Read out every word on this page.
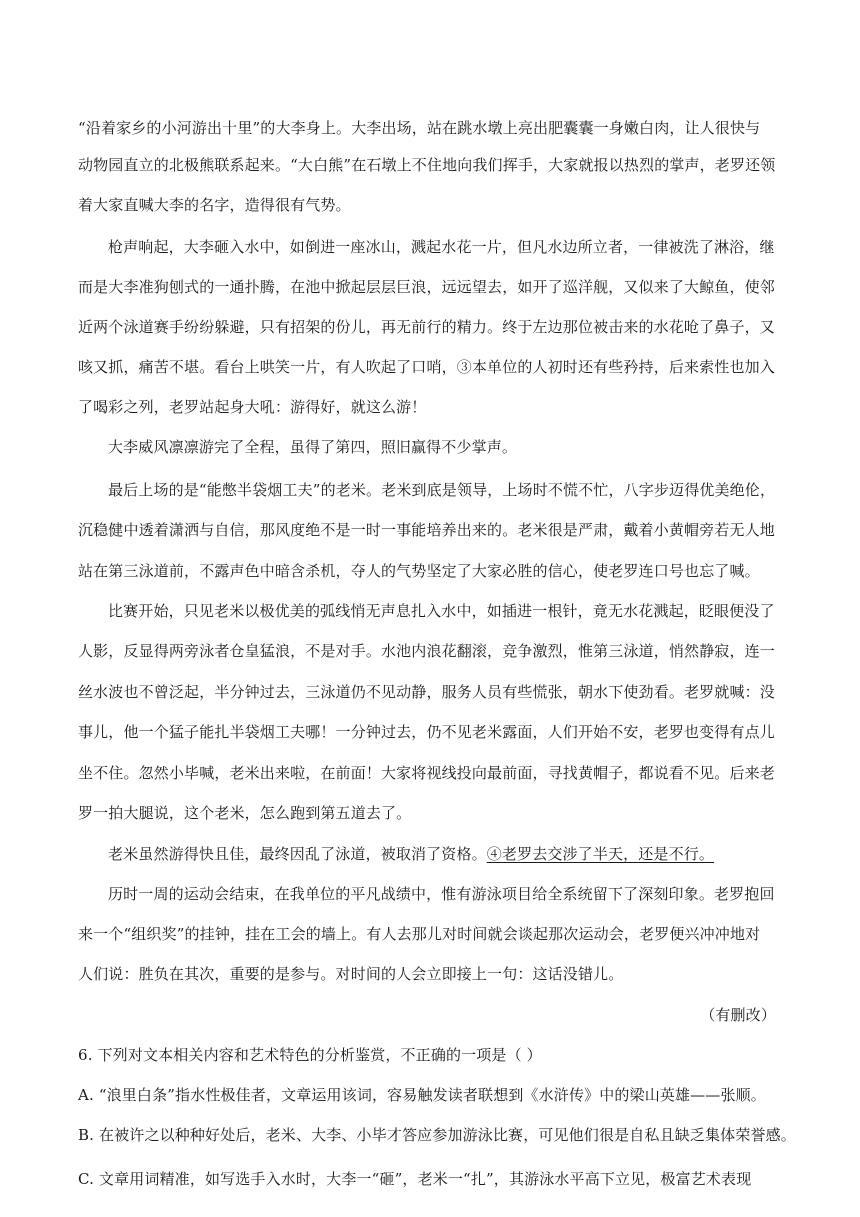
“沿着家乡的小河游出十里”的大李身上。大李出场，站在跳水墩上亮出肥囊囊一身嫩白肉，让人很快与
动物园直立的北极熊联系起来。“大白熊”在石墩上不住地向我们挥手，大家就报以热烈的掌声，老罗还领
着大家直喊大李的名字，造得很有气势。
枪声响起，大李砸入水中，如倒进一座冰山，溅起水花一片，但凡水边所立者，一律被洗了淋浴，继
而是大李准狗刨式的一通扑腾，在池中掀起层层巨浪，远远望去，如开了巡洋舰，又似来了大鲸鱼，使邻
近两个泳道赛手纷纷躲避，只有招架的份儿，再无前行的精力。终于左边那位被击来的水花呛了鼻子，又
咳又抓，痛苦不堪。看台上哄笑一片，有人吹起了口哨，③本单位的人初时还有些矜持，后来索性也加入
了喝彩之列，老罗站起身大吼：游得好，就这么游！
大李威风凛凛游完了全程，虽得了第四，照旧赢得不少掌声。
最后上场的是“能憋半袋烟工夫”的老米。老米到底是领导，上场时不慌不忙，八字步迈得优美绝伦，
沉稳健中透着潇洒与自信，那风度绝不是一时一事能培养出来的。老米很是严肃，戴着小黄帽旁若无人地
站在第三泳道前，不露声色中暗含杀机，夺人的气势坚定了大家必胜的信心，使老罗连口号也忘了喊。
比赛开始，只见老米以极优美的弧线悄无声息扎入水中，如插进一根针，竟无水花溅起，眨眼便没了
人影，反显得两旁泳者仓皇猛浪，不是对手。水池内浪花翻滚，竞争激烈，惟第三泳道，悄然静寂，连一
丝水波也不曾泛起，半分钟过去，三泳道仍不见动静，服务人员有些慌张，朝水下使劲看。老罗就喊：没
事儿，他一个猛子能扎半袋烟工夫哪！一分钟过去，仍不见老米露面，人们开始不安，老罗也变得有点儿
坐不住。忽然小毕喊，老米出来啦，在前面！大家将视线投向最前面，寻找黄帽子，都说看不见。后来老
罗一拍大腿说，这个老米，怎么跑到第五道去了。
老米虽然游得快且佳，最终因乱了泳道，被取消了资格。④老罗去交涉了半天，还是不行。
历时一周的运动会结束，在我单位的平凡战绩中，惟有游泳项目给全系统留下了深刻印象。老罗抱回
来一个“组织奖”的挂钟，挂在工会的墙上。有人去那儿对时间就会谈起那次运动会，老罗便兴冲冲地对
人们说：胜负在其次，重要的是参与。对时间的人会立即接上一句：这话没错儿。
（有删改）
6. 下列对文本相关内容和艺术特色的分析鉴赏，不正确的一项是（ ）
A. “浪里白条”指水性极佳者，文章运用该词，容易触发读者联想到《水浒传》中的梁山英雄——张顺。
B. 在被许之以种种好处后，老米、大李、小毕才答应参加游泳比赛，可见他们很是自私且缺乏集体荣誉感。
C. 文章用词精准，如写选手入水时，大李一“砸”，老米一“扎”，其游泳水平高下立见，极富艺术表现
